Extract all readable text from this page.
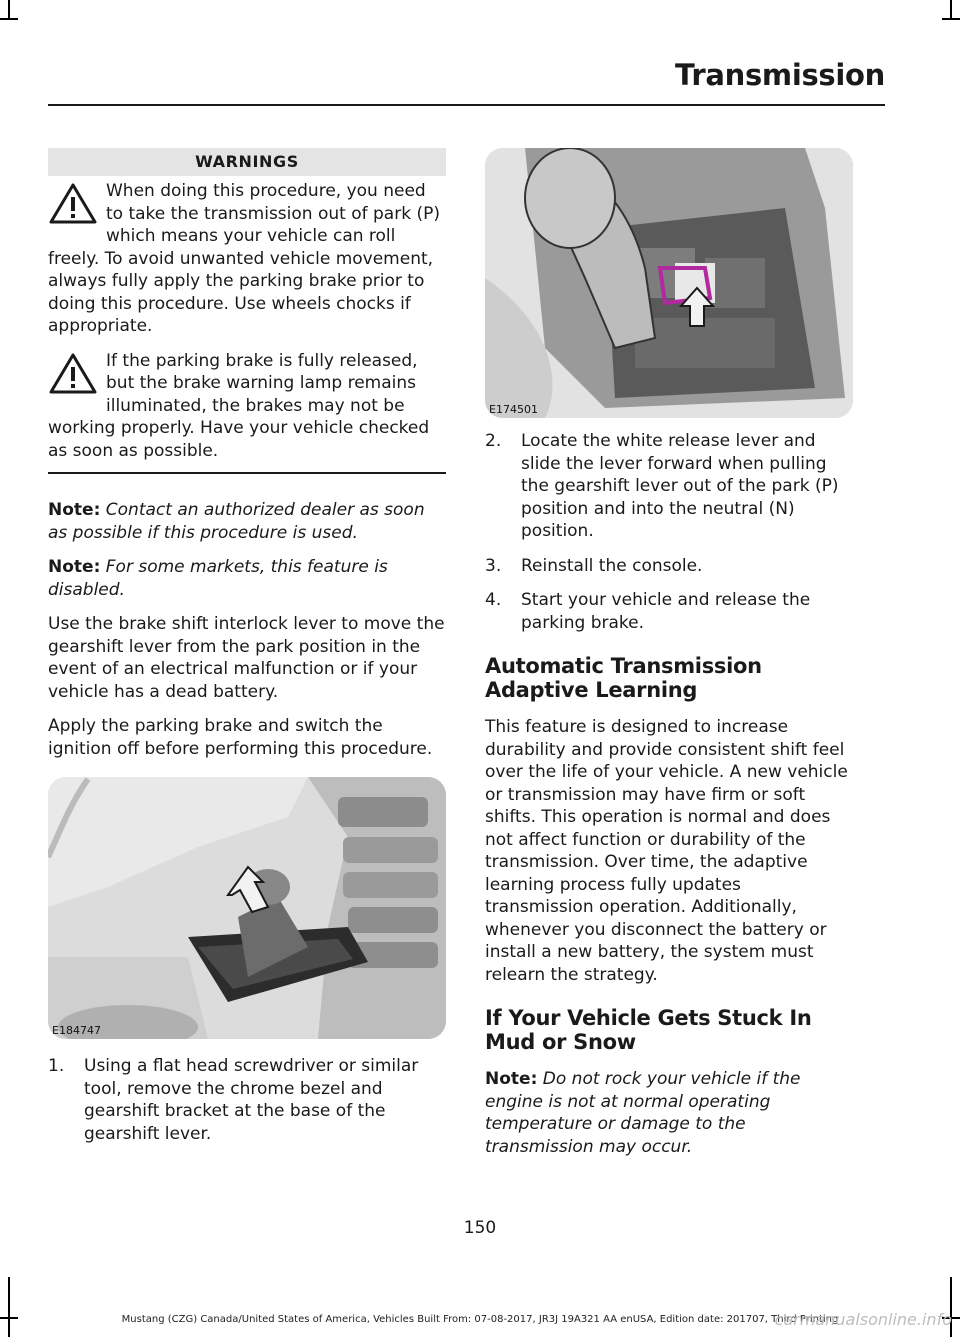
Transmission
WARNINGS

When doing this procedure, you need to take the transmission out of park (P) which means your vehicle can roll freely. To avoid unwanted vehicle movement, always fully apply the parking brake prior to doing this procedure. Use wheels chocks if appropriate.

If the parking brake is fully released, but the brake warning lamp remains illuminated, the brakes may not be working properly. Have your vehicle checked as soon as possible.

Note: Contact an authorized dealer as soon as possible if this procedure is used.

Note: For some markets, this feature is disabled.

Use the brake shift interlock lever to move the gearshift lever from the park position in the event of an electrical malfunction or if your vehicle has a dead battery.

Apply the parking brake and switch the ignition off before performing this procedure.

E184747
1. Using a flat head screwdriver or similar tool, remove the chrome bezel and gearshift bracket at the base of the gearshift lever.
E174501
2. Locate the white release lever and slide the lever forward when pulling the gearshift lever out of the park (P) position and into the neutral (N) position.
3. Reinstall the console.
4. Start your vehicle and release the parking brake.
Automatic Transmission Adaptive Learning

This feature is designed to increase durability and provide consistent shift feel over the life of your vehicle. A new vehicle or transmission may have firm or soft shifts. This operation is normal and does not affect function or durability of the transmission. Over time, the adaptive learning process fully updates transmission operation. Additionally, whenever you disconnect the battery or install a new battery, the system must relearn the strategy.

If Your Vehicle Gets Stuck In Mud or Snow

Note: Do not rock your vehicle if the engine is not at normal operating temperature or damage to the transmission may occur.

150
Mustang (CZG) Canada/United States of America, Vehicles Built From: 07-08-2017, JR3J 19A321 AA enUSA, Edition date: 201707, Third Printing
carmanualsonline.info
